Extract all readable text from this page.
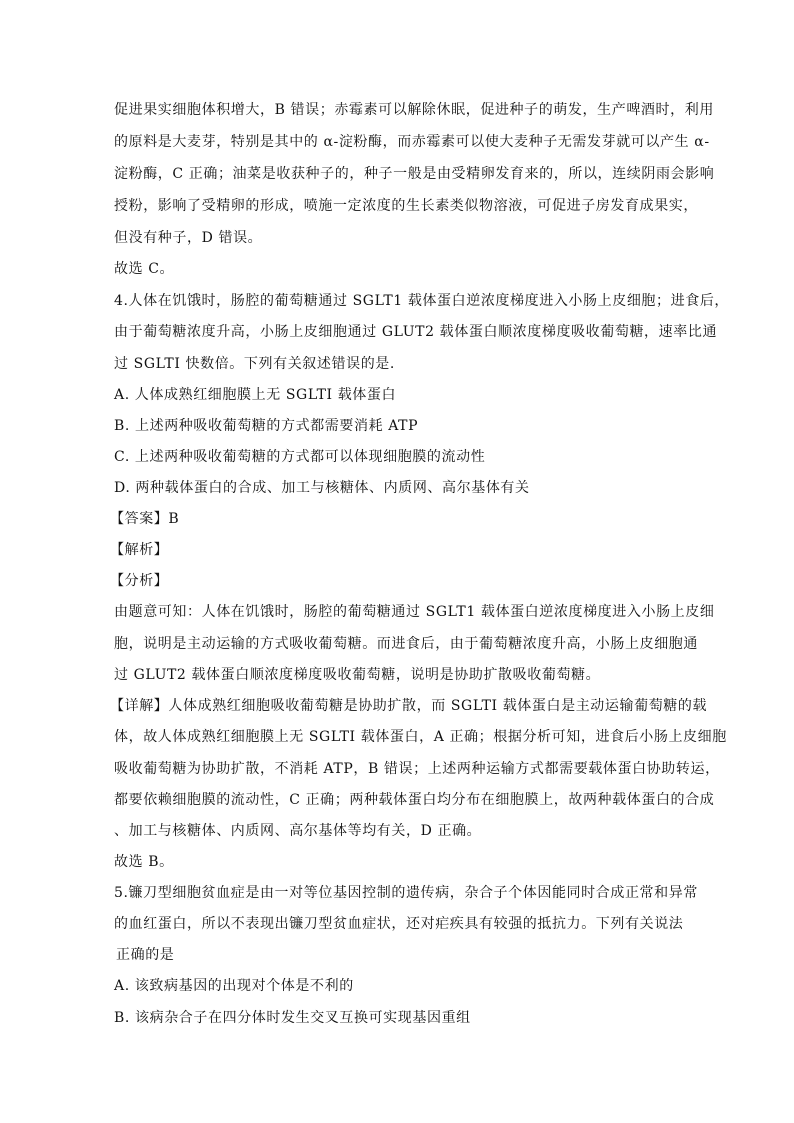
促进果实细胞体积增大，B 错误；赤霉素可以解除休眠，促进种子的萌发，生产啤酒时，利用
的原料是大麦芽，特别是其中的 α-淀粉酶，而赤霉素可以使大麦种子无需发芽就可以产生 α-
淀粉酶，C 正确；油菜是收获种子的，种子一般是由受精卵发育来的，所以，连续阴雨会影响
授粉，影响了受精卵的形成，喷施一定浓度的生长素类似物溶液，可促进子房发育成果实，
但没有种子，D 错误。
故选 C。
4.人体在饥饿时，肠腔的葡萄糖通过 SGLT1 载体蛋白逆浓度梯度进入小肠上皮细胞；进食后，
由于葡萄糖浓度升高，小肠上皮细胞通过 GLUT2 载体蛋白顺浓度梯度吸收葡萄糖，速率比通
过 SGLTI 快数倍。下列有关叙述错误的是.
A. 人体成熟红细胞膜上无 SGLTI 载体蛋白
B. 上述两种吸收葡萄糖的方式都需要消耗 ATP
C. 上述两种吸收葡萄糖的方式都可以体现细胞膜的流动性
D. 两种载体蛋白的合成、加工与核糖体、内质网、高尔基体有关
【答案】B
【解析】
【分析】
由题意可知：人体在饥饿时，肠腔的葡萄糖通过 SGLT1 载体蛋白逆浓度梯度进入小肠上皮细
胞，说明是主动运输的方式吸收葡萄糖。而进食后，由于葡萄糖浓度升高，小肠上皮细胞通
过 GLUT2 载体蛋白顺浓度梯度吸收葡萄糖，说明是协助扩散吸收葡萄糖。
【详解】人体成熟红细胞吸收葡萄糖是协助扩散，而 SGLTI 载体蛋白是主动运输葡萄糖的载
体，故人体成熟红细胞膜上无 SGLTI 载体蛋白，A 正确；根据分析可知，进食后小肠上皮细胞
吸收葡萄糖为协助扩散，不消耗 ATP，B 错误；上述两种运输方式都需要载体蛋白协助转运，
都要依赖细胞膜的流动性，C 正确；两种载体蛋白均分布在细胞膜上，故两种载体蛋白的合成
、加工与核糖体、内质网、高尔基体等均有关，D 正确。
故选 B。
5.镰刀型细胞贫血症是由一对等位基因控制的遗传病，杂合子个体因能同时合成正常和异常
的血红蛋白，所以不表现出镰刀型贫血症状，还对疟疾具有较强的抵抗力。下列有关说法
正确的是
A. 该致病基因的出现对个体是不利的
B. 该病杂合子在四分体时发生交叉互换可实现基因重组
